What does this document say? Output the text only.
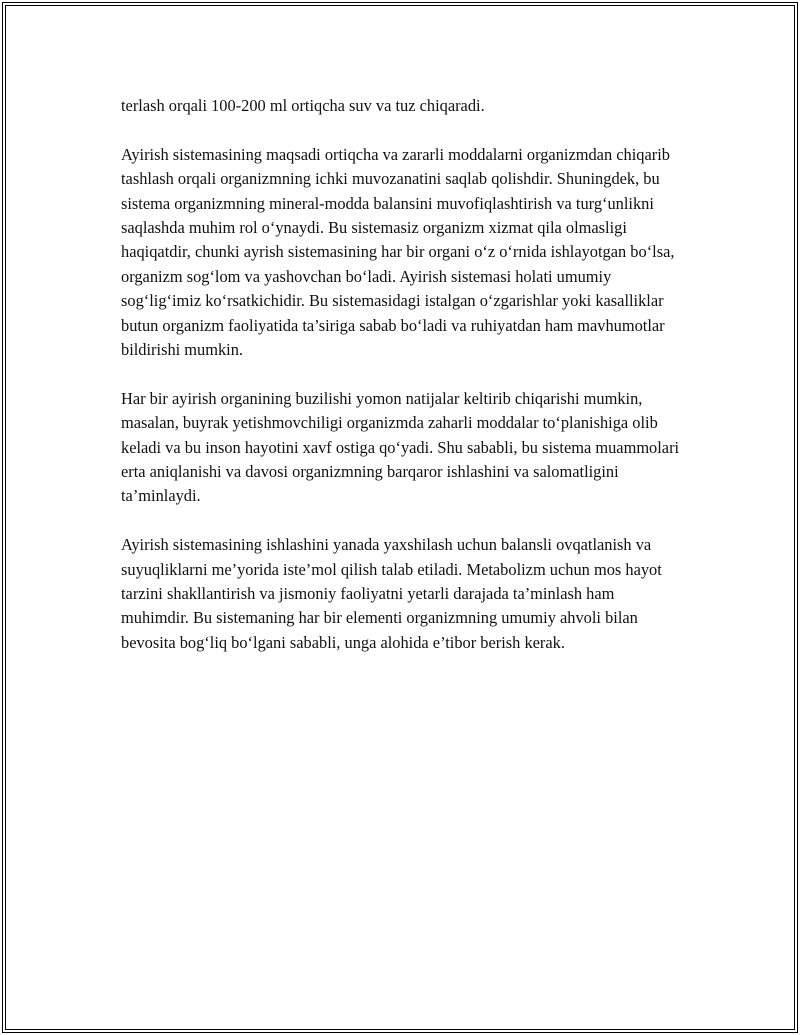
terlash orqali 100-200 ml ortiqcha suv va tuz chiqaradi.

Ayirish sistemasining maqsadi ortiqcha va zararli moddalarni organizmdan chiqarib tashlash orqali organizmning ichki muvozanatini saqlab qolishdir. Shuningdek, bu sistema organizmning mineral-modda balansini muvofiqlashtirish va turg‘unlikni saqlashda muhim rol o‘ynaydi. Bu sistemasiz organizm xizmat qila olmasligi haqiqatdir, chunki ayrish sistemasining har bir organi o‘z o‘rnida ishlayotgan bo‘lsa, organizm sog‘lom va yashovchan bo‘ladi. Ayirish sistemasi holati umumiy sog‘lig‘imiz ko‘rsatkichidir. Bu sistemasidagi istalgan o‘zgarishlar yoki kasalliklar butun organizm faoliyatida ta’siriga sabab bo‘ladi va ruhiyatdan ham mavhumotlar bildirishi mumkin.

Har bir ayirish organining buzilishi yomon natijalar keltirib chiqarishi mumkin, masalan, buyrak yetishmovchiligi organizmda zaharli moddalar to‘planishiga olib keladi va bu inson hayotini xavf ostiga qo‘yadi. Shu sababli, bu sistema muammolari erta aniqlanishi va davosi organizmning barqaror ishlashini va salomatligini ta’minlaydi.

Ayirish sistemasining ishlashini yanada yaxshilash uchun balansli ovqatlanish va suyuqliklarni me’yorida iste’mol qilish talab etiladi. Metabolizm uchun mos hayot tarzini shakllantirish va jismoniy faoliyatni yetarli darajada ta’minlash ham muhimdir. Bu sistemaning har bir elementi organizmning umumiy ahvoli bilan bevosita bog‘liq bo‘lgani sababli, unga alohida e’tibor berish kerak.
